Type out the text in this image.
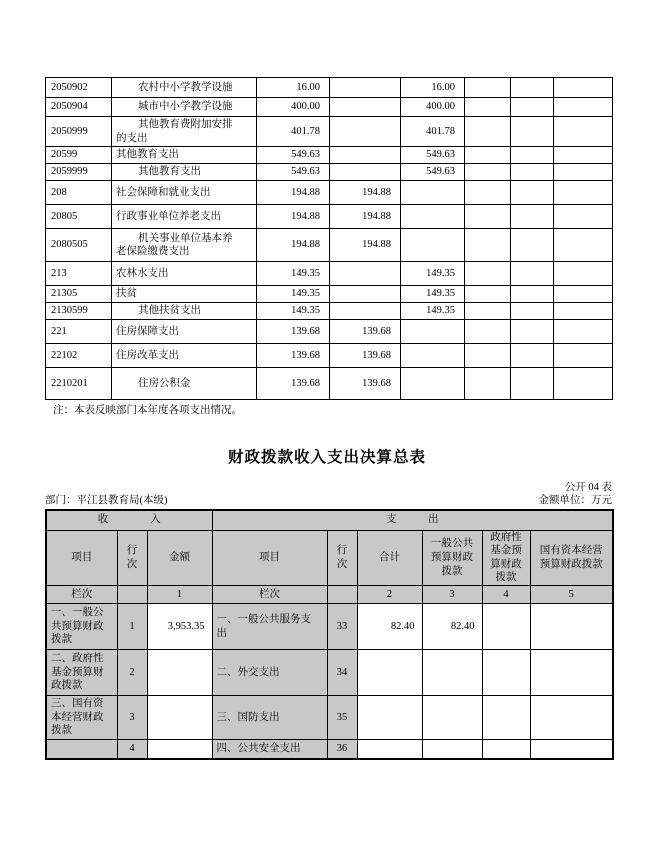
2050902	农村中小学教学设施	16.00		16.00			
2050904	城市中小学教学设施	400.00		400.00			
2050999	其他教育费附加安排的支出	401.78		401.78			
20599	其他教育支出	549.63		549.63			
2059999	其他教育支出	549.63		549.63			
208	社会保障和就业支出	194.88	194.88				
20805	行政事业单位养老支出	194.88	194.88				
2080505	机关事业单位基本养老保险缴费支出	194.88	194.88				
213	农林水支出	149.35		149.35			
21305	扶贫	149.35		149.35			
2130599	其他扶贫支出	149.35		149.35			
221	住房保障支出	139.68	139.68				
22102	住房改革支出	139.68	139.68				
2210201	住房公积金	139.68	139.68				
注：本表反映部门本年度各项支出情况。
财政拨款收入支出决算总表
公开 04 表
部门：平江县教育局(本级)	金额单位：万元
收　　　　入			支　　　出					
项目	行次	金额	项目	行次	合计	一般公共预算财政拨款	政府性基金预算财政拨款	国有资本经营预算财政拨款

栏次		1	栏次		2	3	4	5
一、一般公共预算财政拨款	1	3,953.35	一、一般公共服务支出	33	82.40	82.40		
二、政府性基金预算财政拨款	2		二、外交支出	34				
三、国有资本经营财政拨款	3		三、国防支出	35				
	4		四、公共安全支出	36				
